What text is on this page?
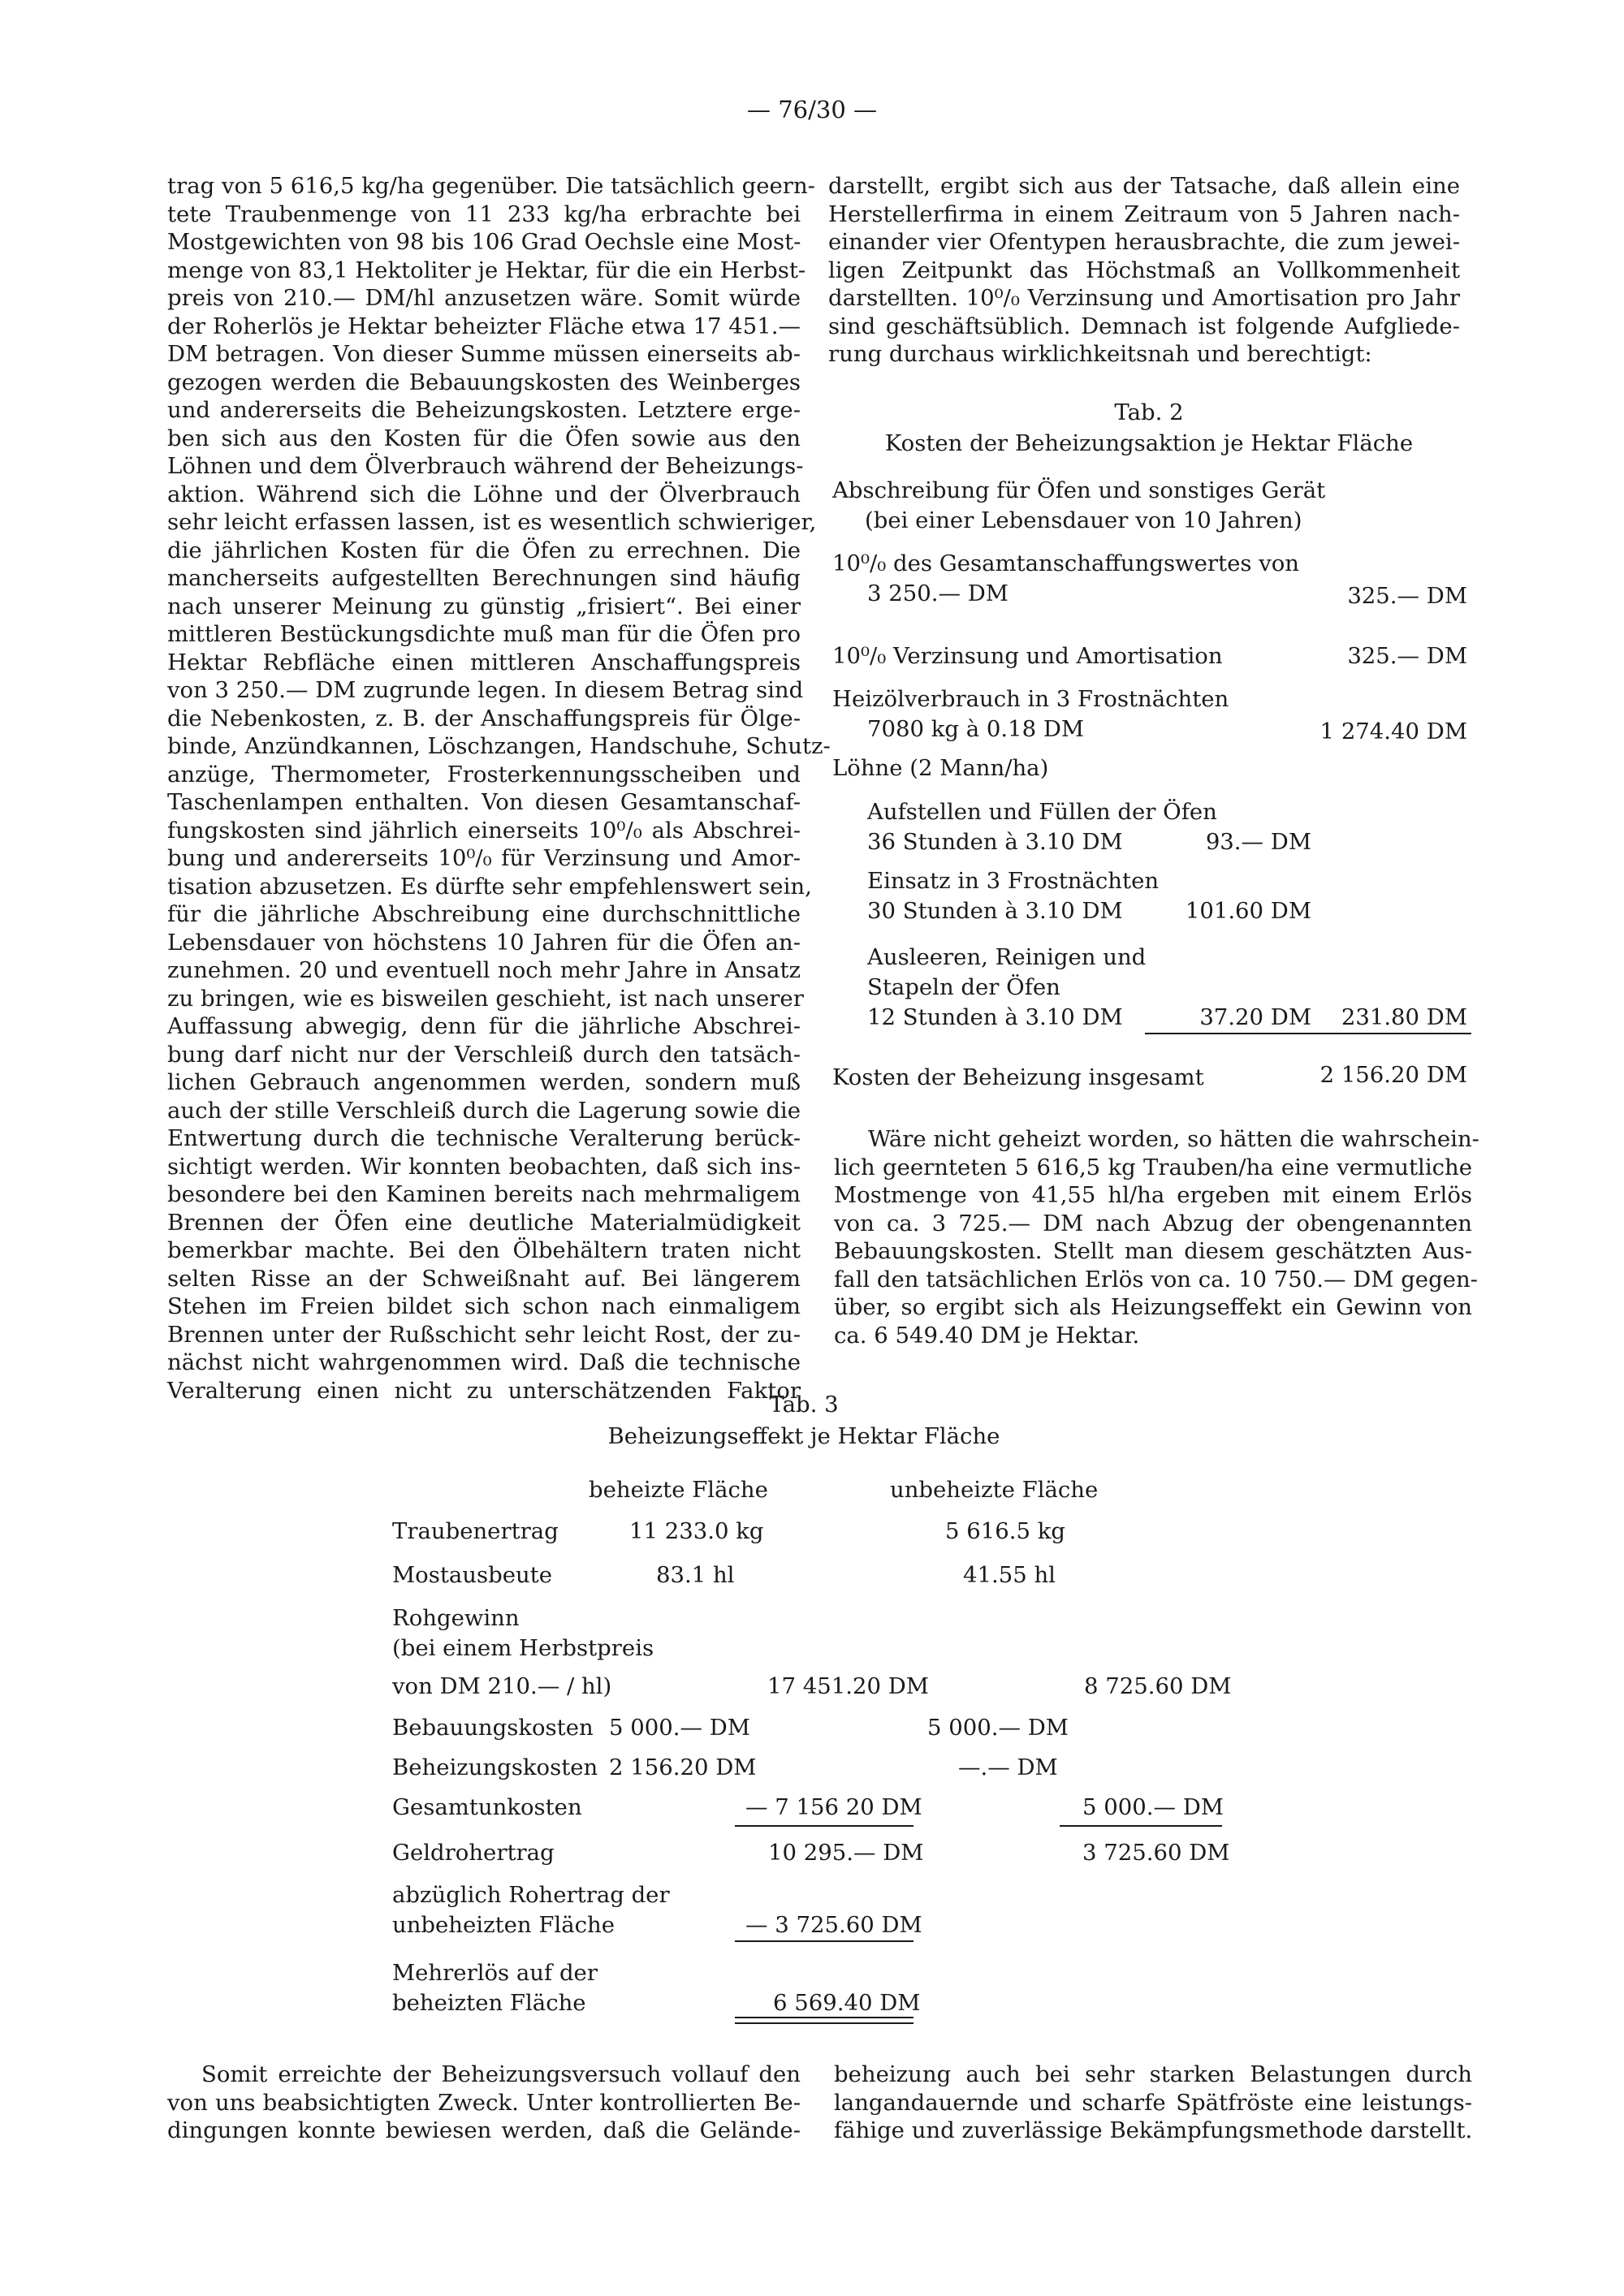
— 76/30 —
trag von 5 616,5 kg/ha gegenüber. Die tatsächlich geern-
tete Traubenmenge von 11 233 kg/ha erbrachte bei
Mostgewichten von 98 bis 106 Grad Oechsle eine Most-
menge von 83,1 Hektoliter je Hektar, für die ein Herbst-
preis von 210.— DM/hl anzusetzen wäre. Somit würde
der Roherlös je Hektar beheizter Fläche etwa 17 451.—
DM betragen. Von dieser Summe müssen einerseits ab-
gezogen werden die Bebauungskosten des Weinberges
und andererseits die Beheizungskosten. Letztere erge-
ben sich aus den Kosten für die Öfen sowie aus den
Löhnen und dem Ölverbrauch während der Beheizungs-
aktion. Während sich die Löhne und der Ölverbrauch
sehr leicht erfassen lassen, ist es wesentlich schwieriger,
die jährlichen Kosten für die Öfen zu errechnen. Die
mancherseits aufgestellten Berechnungen sind häufig
nach unserer Meinung zu günstig „frisiert“. Bei einer
mittleren Bestückungsdichte muß man für die Öfen pro
Hektar Rebfläche einen mittleren Anschaffungspreis
von 3 250.— DM zugrunde legen. In diesem Betrag sind
die Nebenkosten, z. B. der Anschaffungspreis für Ölge-
binde, Anzündkannen, Löschzangen, Handschuhe, Schutz-
anzüge, Thermometer, Frosterkennungsscheiben und
Taschenlampen enthalten. Von diesen Gesamtanschaf-
fungskosten sind jährlich einerseits 10⁰/₀ als Abschrei-
bung und andererseits 10⁰/₀ für Verzinsung und Amor-
tisation abzusetzen. Es dürfte sehr empfehlenswert sein,
für die jährliche Abschreibung eine durchschnittliche
Lebensdauer von höchstens 10 Jahren für die Öfen an-
zunehmen. 20 und eventuell noch mehr Jahre in Ansatz
zu bringen, wie es bisweilen geschieht, ist nach unserer
Auffassung abwegig, denn für die jährliche Abschrei-
bung darf nicht nur der Verschleiß durch den tatsäch-
lichen Gebrauch angenommen werden, sondern muß
auch der stille Verschleiß durch die Lagerung sowie die
Entwertung durch die technische Veralterung berück-
sichtigt werden. Wir konnten beobachten, daß sich ins-
besondere bei den Kaminen bereits nach mehrmaligem
Brennen der Öfen eine deutliche Materialmüdigkeit
bemerkbar machte. Bei den Ölbehältern traten nicht
selten Risse an der Schweißnaht auf. Bei längerem
Stehen im Freien bildet sich schon nach einmaligem
Brennen unter der Rußschicht sehr leicht Rost, der zu-
nächst nicht wahrgenommen wird. Daß die technische
Veralterung einen nicht zu unterschätzenden Faktor
darstellt, ergibt sich aus der Tatsache, daß allein eine
Herstellerfirma in einem Zeitraum von 5 Jahren nach-
einander vier Ofentypen herausbrachte, die zum jewei-
ligen Zeitpunkt das Höchstmaß an Vollkommenheit
darstellten. 10⁰/₀ Verzinsung und Amortisation pro Jahr
sind geschäftsüblich. Demnach ist folgende Aufgliede-
rung durchaus wirklichkeitsnah und berechtigt:
Tab. 2
Kosten der Beheizungsaktion je Hektar Fläche
Abschreibung für Öfen und sonstiges Gerät
(bei einer Lebensdauer von 10 Jahren)
10⁰/₀ des Gesamtanschaffungswertes von
3 250.— DM	325.— DM
10⁰/₀ Verzinsung und Amortisation	325.— DM
Heizölverbrauch in 3 Frostnächten
7080 kg à 0.18 DM	1 274.40 DM
Löhne (2 Mann/ha)
Aufstellen und Füllen der Öfen
36 Stunden à 3.10 DM	93.— DM
Einsatz in 3 Frostnächten
30 Stunden à 3.10 DM	101.60 DM
Ausleeren, Reinigen und
Stapeln der Öfen
12 Stunden à 3.10 DM	37.20 DM 231.80 DM
Kosten der Beheizung insgesamt	2 156.20 DM
Wäre nicht geheizt worden, so hätten die wahrschein-
lich geernteten 5 616,5 kg Trauben/ha eine vermutliche
Mostmenge von 41,55 hl/ha ergeben mit einem Erlös
von ca. 3 725.— DM nach Abzug der obengenannten
Bebauungskosten. Stellt man diesem geschätzten Aus-
fall den tatsächlichen Erlös von ca. 10 750.— DM gegen-
über, so ergibt sich als Heizungseffekt ein Gewinn von
ca. 6 549.40 DM je Hektar.
Tab. 3
Beheizungseffekt je Hektar Fläche
beheizte Fläche	unbeheizte Fläche
Traubenertrag	11 233.0 kg	5 616.5 kg
Mostausbeute	83.1 hl	41.55 hl
Rohgewinn
(bei einem Herbstpreis
von DM 210.— / hl)	17 451.20 DM	8 725.60 DM
Bebauungskosten 5 000.— DM	5 000.— DM
Beheizungskosten 2 156.20 DM	—.— DM
Gesamtunkosten	— 7 156 20 DM	5 000.— DM
Geldrohertrag	10 295.— DM	3 725.60 DM
abzüglich Rohertrag der
unbeheizten Fläche	— 3 725.60 DM
Mehrerlös auf der
beheizten Fläche	6 569.40 DM
Somit erreichte der Beheizungsversuch vollauf den
von uns beabsichtigten Zweck. Unter kontrollierten Be-
dingungen konnte bewiesen werden, daß die Gelände-
beheizung auch bei sehr starken Belastungen durch
langandauernde und scharfe Spätfröste eine leistungs-
fähige und zuverlässige Bekämpfungsmethode darstellt.
